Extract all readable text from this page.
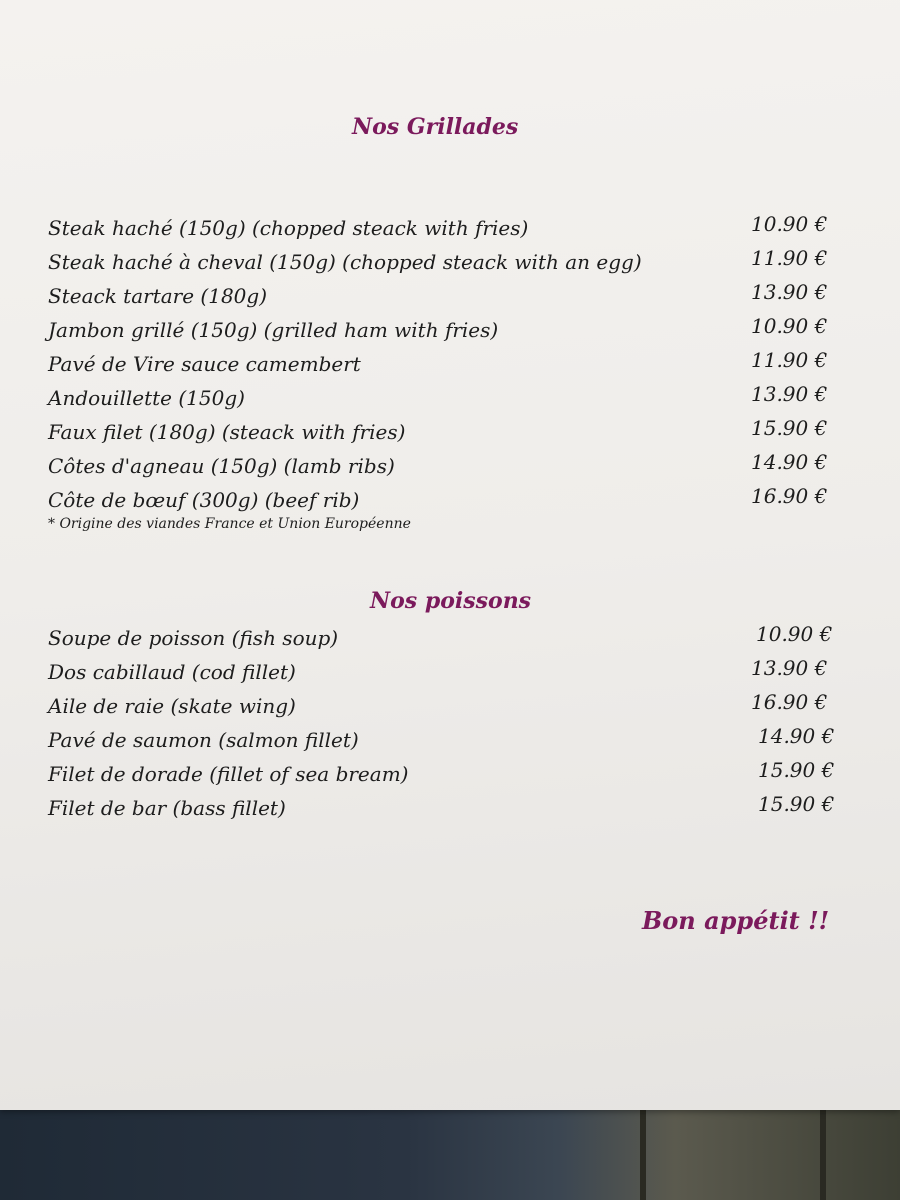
Nos Grillades
Steak haché (150g) (chopped steack with fries)	10.90 €
Steak haché à cheval (150g) (chopped steack with an egg)	11.90 €
Steack tartare (180g)	13.90 €
Jambon grillé (150g) (grilled ham with fries)	10.90 €
Pavé de Vire sauce camembert	11.90 €
Andouillette (150g)	13.90 €
Faux filet (180g) (steack with fries)	15.90 €
Côtes d'agneau (150g) (lamb ribs)	14.90 €
Côte de bœuf (300g) (beef rib)	16.90 €
* Origine des viandes France et Union Européenne
Nos poissons
Soupe de poisson (fish soup)	10.90 €
Dos cabillaud (cod fillet)	13.90 €
Aile de raie (skate wing)	16.90 €
Pavé de saumon (salmon fillet)	14.90 €
Filet de dorade (fillet of sea bream)	15.90 €
Filet de bar (bass fillet)	15.90 €
Bon appétit !!
